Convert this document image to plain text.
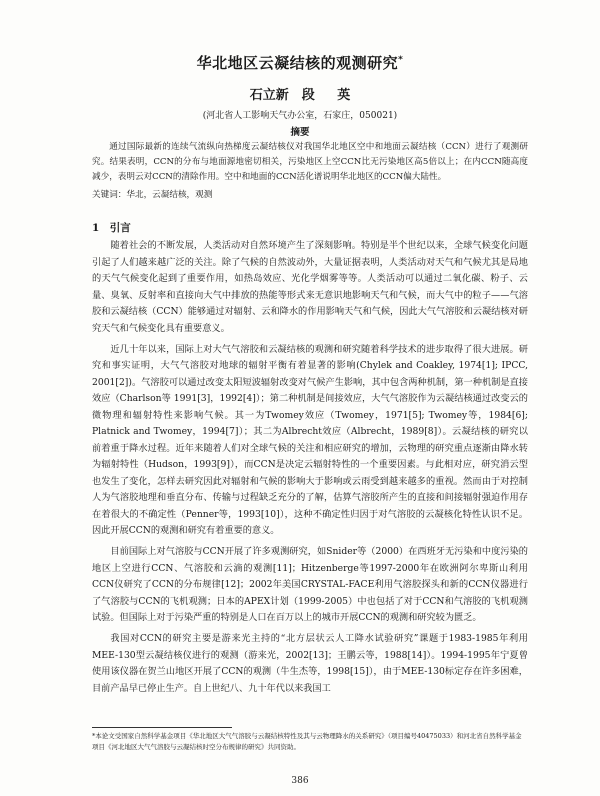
华北地区云凝结核的观测研究*
石立新　段 英
(河北省人工影响天气办公室，石家庄，050021)
摘要

通过国际最新的连续气流纵向热梯度云凝结核仪对我国华北地区空中和地面云凝结核（CCN）进行了观测研究。结果表明，CCN的分布与地面源地密切相关，污染地区上空CCN比无污染地区高5倍以上；在内CCN随高度减少，表明云对CCN的清除作用。空中和地面的CCN活化谱说明华北地区的CCN偏大陆性。

关键词：华北，云凝结核，观测

1　引言

随着社会的不断发展，人类活动对自然环境产生了深刻影响。特别是半个世纪以来，全球气候变化问题引起了人们越来越广泛的关注。除了气候的自然波动外，大量证据表明，人类活动对天气和气候尤其是局地的天气气候变化起到了重要作用，如热岛效应、光化学烟雾等等。人类活动可以通过二氧化碳、粉子、云量、臭氧、反射率和直接向大气中排放的热能等形式来无意识地影响天气和气候，而大气中的粒子——气溶胶和云凝结核（CCN）能够通过对辐射、云和降水的作用影响天气和气候，因此大气气溶胶和云凝结核对研究天气和气候变化具有重要意义。

近几十年以来，国际上对大气气溶胶和云凝结核的观测和研究随着科学技术的进步取得了很大进展。研究和事实证明，大气气溶胶对地球的辐射平衡有着显著的影响(Chylek and Coakley, 1974[1]; IPCC, 2001[2])。气溶胶可以通过改变太阳短波辐射改变对气候产生影响，其中包含两种机制，第一种机制是直接效应（Charlson等 1991[3]，1992[4]）；第二种机制是间接效应，大气气溶胶作为云凝结核通过改变云的微物理和辐射特性来影响气候。其一为Twomey效应（Twomey，1971[5]; Twomey等，1984[6]; Platnick and Twomey，1994[7]）；其二为Albrecht效应（Albrecht，1989[8]）。云凝结核的研究以前着重于降水过程。近年来随着人们对全球气候的关注和相应研究的增加，云物理的研究重点逐渐由降水转为辐射特性（Hudson，1993[9]），而CCN是决定云辐射特性的一个重要因素。与此相对应，研究消云型也发生了变化，怎样去研究因此对辐射和气候的影响大于影响或云雨受到越来越多的重视。然而由于对控制人为气溶胶地理和垂直分布、传输与过程缺乏充分的了解，估算气溶胶所产生的直接和间接辐射强迫作用存在着很大的不确定性（Penner等，1993[10]），这种不确定性归因于对气溶胶的云凝核化特性认识不足。因此开展CCN的观测和研究有着重要的意义。

目前国际上对气溶胶与CCN开展了许多观测研究，如Snider等（2000）在西班牙无污染和中度污染的地区上空进行CCN、气溶胶和云滴的观测[11]；Hitzenberge等1997-2000年在欧洲阿尔卑斯山利用CCN仪研究了CCN的分布规律[12]；2002年美国CRYSTAL-FACE利用气溶胶探头和新的CCN仪器进行了气溶胶与CCN的飞机观测；日本的APEX计划（1999-2005）中也包括了对于CCN和气溶胶的飞机观测试验。但国际上对于污染严重的特别是人口在百万以上的城市开展CCN的观测和研究较为匮乏。

我国对CCN的研究主要是游来光主持的“北方层状云人工降水试验研究”课题于1983-1985年利用MEE-130型云凝结核仪进行的观测（游来光，2002[13]；王鹏云等，1988[14]）。1994-1995年宁夏曾使用该仪器在贺兰山地区开展了CCN的观测（牛生杰等，1998[15]），由于MEE-130标定存在许多困难，目前产品早已停止生产。自上世纪八、九十年代以来我国工

*本论文受国家自然科学基金项目《华北地区大气气溶胶与云凝结核特性及其与云物理降水的关系研究》（项目编号40475033）和河北省自然科学基金项目《河北地区大气气溶胶与云凝结核时空分布规律的研究》共同资助。

386
